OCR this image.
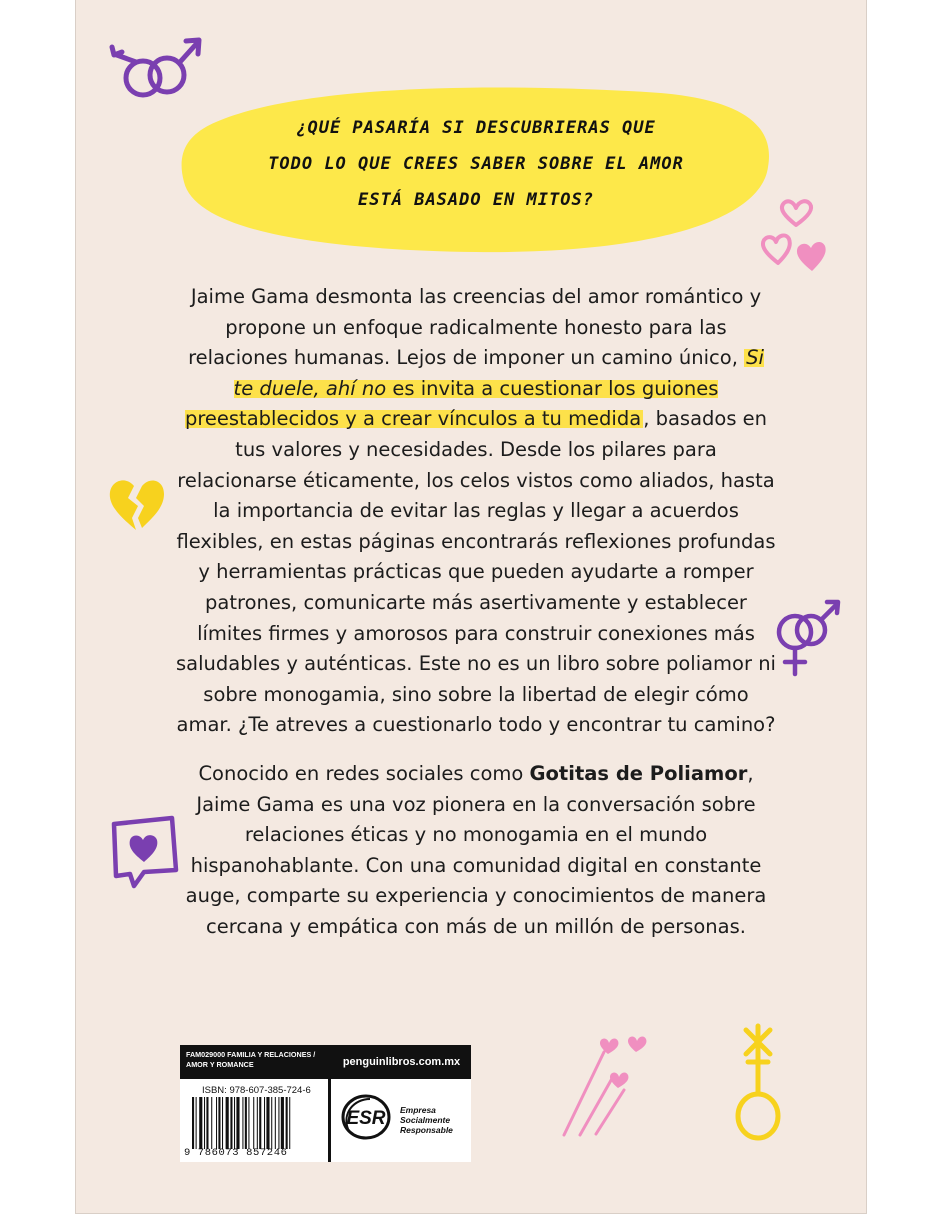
¿QUÉ PASARÍA SI DESCUBRIERAS QUE
TODO LO QUE CREES SABER SOBRE EL AMOR
ESTÁ BASADO EN MITOS?

Jaime Gama desmonta las creencias del amor romántico y propone un enfoque radicalmente honesto para las relaciones humanas. Lejos de imponer un camino único, Si te duele, ahí no es invita a cuestionar los guiones preestablecidos y a crear vínculos a tu medida , basados en tus valores y necesidades. Desde los pilares para relacionarse éticamente, los celos vistos como aliados, hasta la importancia de evitar las reglas y llegar a acuerdos flexibles, en estas páginas encontrarás reflexiones profundas y herramientas prácticas que pueden ayudarte a romper patrones, comunicarte más asertivamente y establecer límites firmes y amorosos para construir conexiones más saludables y auténticas. Este no es un libro sobre poliamor ni sobre monogamia, sino sobre la libertad de elegir cómo amar. ¿Te atreves a cuestionarlo todo y encontrar tu camino?

Conocido en redes sociales como Gotitas de Poliamor, Jaime Gama es una voz pionera en la conversación sobre relaciones éticas y no monogamia en el mundo hispanohablante. Con una comunidad digital en constante auge, comparte su experiencia y conocimientos de manera cercana y empática con más de un millón de personas.

FAM029000 FAMILIA Y RELACIONES / AMOR Y ROMANCE	penguinlibros.com.mx
ISBN: 978-607-385-724-6
9 786073 857246
ESR Empresa
Socialmente
Responsable
